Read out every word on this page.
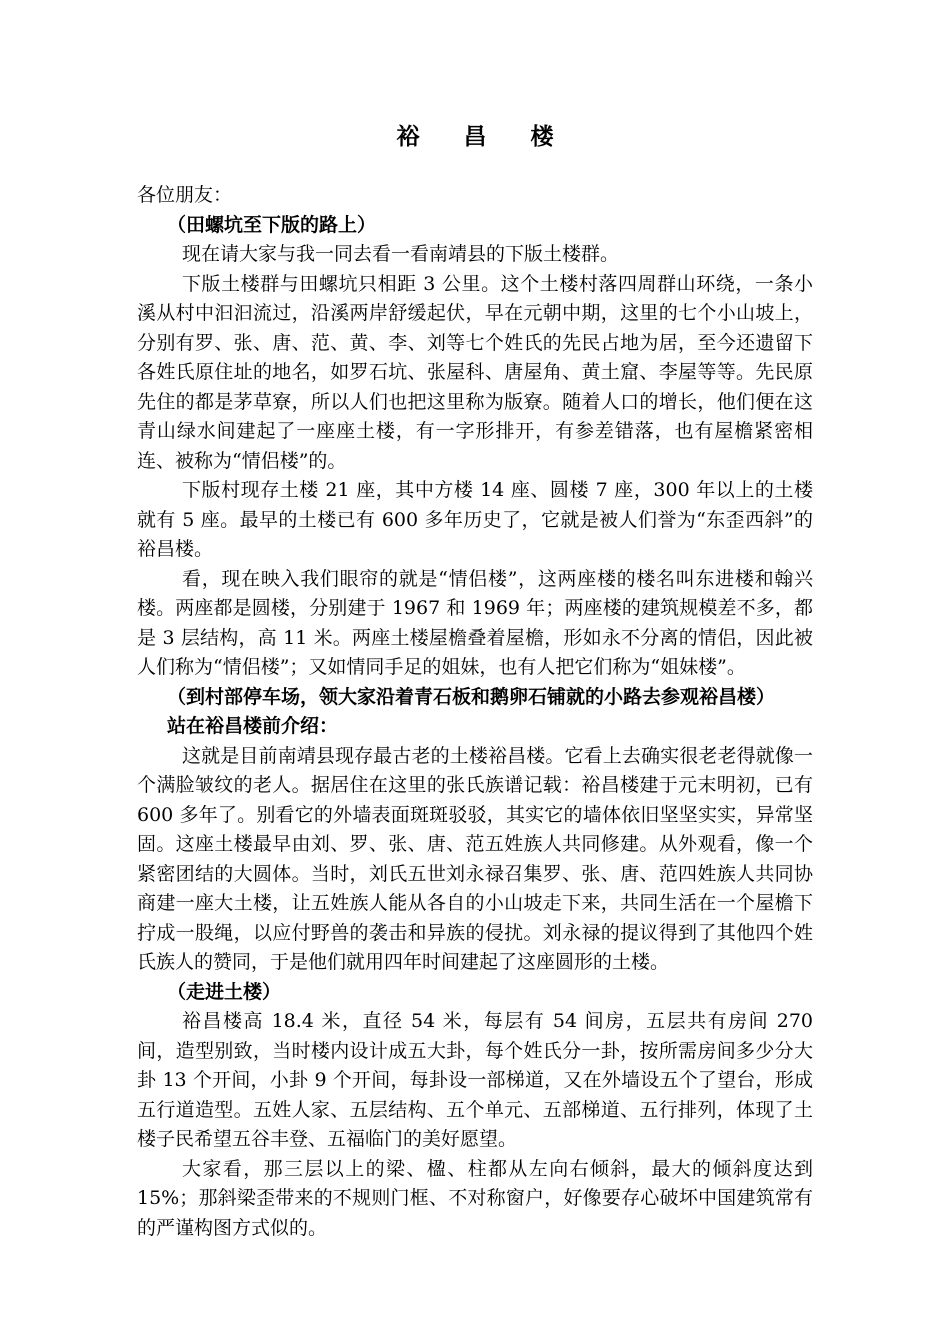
裕 昌 楼

各位朋友：

（田螺坑至下版的路上）

现在请大家与我一同去看一看南靖县的下版土楼群。

下版土楼群与田螺坑只相距 3 公里。这个土楼村落四周群山环绕，一条小溪从村中汩汩流过，沿溪两岸舒缓起伏，早在元朝中期，这里的七个小山坡上，分别有罗、张、唐、范、黄、李、刘等七个姓氏的先民占地为居，至今还遗留下各姓氏原住址的地名，如罗石坑、张屋科、唐屋角、黄土窟、李屋等等。先民原先住的都是茅草寮，所以人们也把这里称为版寮。随着人口的增长，他们便在这青山绿水间建起了一座座土楼，有一字形排开，有参差错落，也有屋檐紧密相连、被称为“情侣楼”的。

下版村现存土楼 21 座，其中方楼 14 座、圆楼 7 座，300 年以上的土楼就有 5 座。最早的土楼已有 600 多年历史了，它就是被人们誉为“东歪西斜”的裕昌楼。

看，现在映入我们眼帘的就是“情侣楼”，这两座楼的楼名叫东进楼和翰兴楼。两座都是圆楼，分别建于 1967 和 1969 年；两座楼的建筑规模差不多，都是 3 层结构，高 11 米。两座土楼屋檐叠着屋檐，形如永不分离的情侣，因此被人们称为“情侣楼”；又如情同手足的姐妹，也有人把它们称为“姐妹楼”。

（到村部停车场，领大家沿着青石板和鹅卵石铺就的小路去参观裕昌楼）

站在裕昌楼前介绍：

这就是目前南靖县现存最古老的土楼裕昌楼。它看上去确实很老老得就像一个满脸皱纹的老人。据居住在这里的张氏族谱记载：裕昌楼建于元末明初，已有 600 多年了。别看它的外墙表面斑斑驳驳，其实它的墙体依旧坚坚实实，异常坚固。这座土楼最早由刘、罗、张、唐、范五姓族人共同修建。从外观看，像一个紧密团结的大圆体。当时，刘氏五世刘永禄召集罗、张、唐、范四姓族人共同协商建一座大土楼，让五姓族人能从各自的小山坡走下来，共同生活在一个屋檐下拧成一股绳，以应付野兽的袭击和异族的侵扰。刘永禄的提议得到了其他四个姓氏族人的赞同，于是他们就用四年时间建起了这座圆形的土楼。

（走进土楼）

裕昌楼高 18.4 米，直径 54 米，每层有 54 间房，五层共有房间 270 间，造型别致，当时楼内设计成五大卦，每个姓氏分一卦，按所需房间多少分大卦 13 个开间，小卦 9 个开间，每卦设一部梯道，又在外墙设五个了望台，形成五行道造型。五姓人家、五层结构、五个单元、五部梯道、五行排列，体现了土楼子民希望五谷丰登、五福临门的美好愿望。

大家看，那三层以上的梁、楹、柱都从左向右倾斜，最大的倾斜度达到 15%；那斜梁歪带来的不规则门框、不对称窗户，好像要存心破坏中国建筑常有的严谨构图方式似的。
